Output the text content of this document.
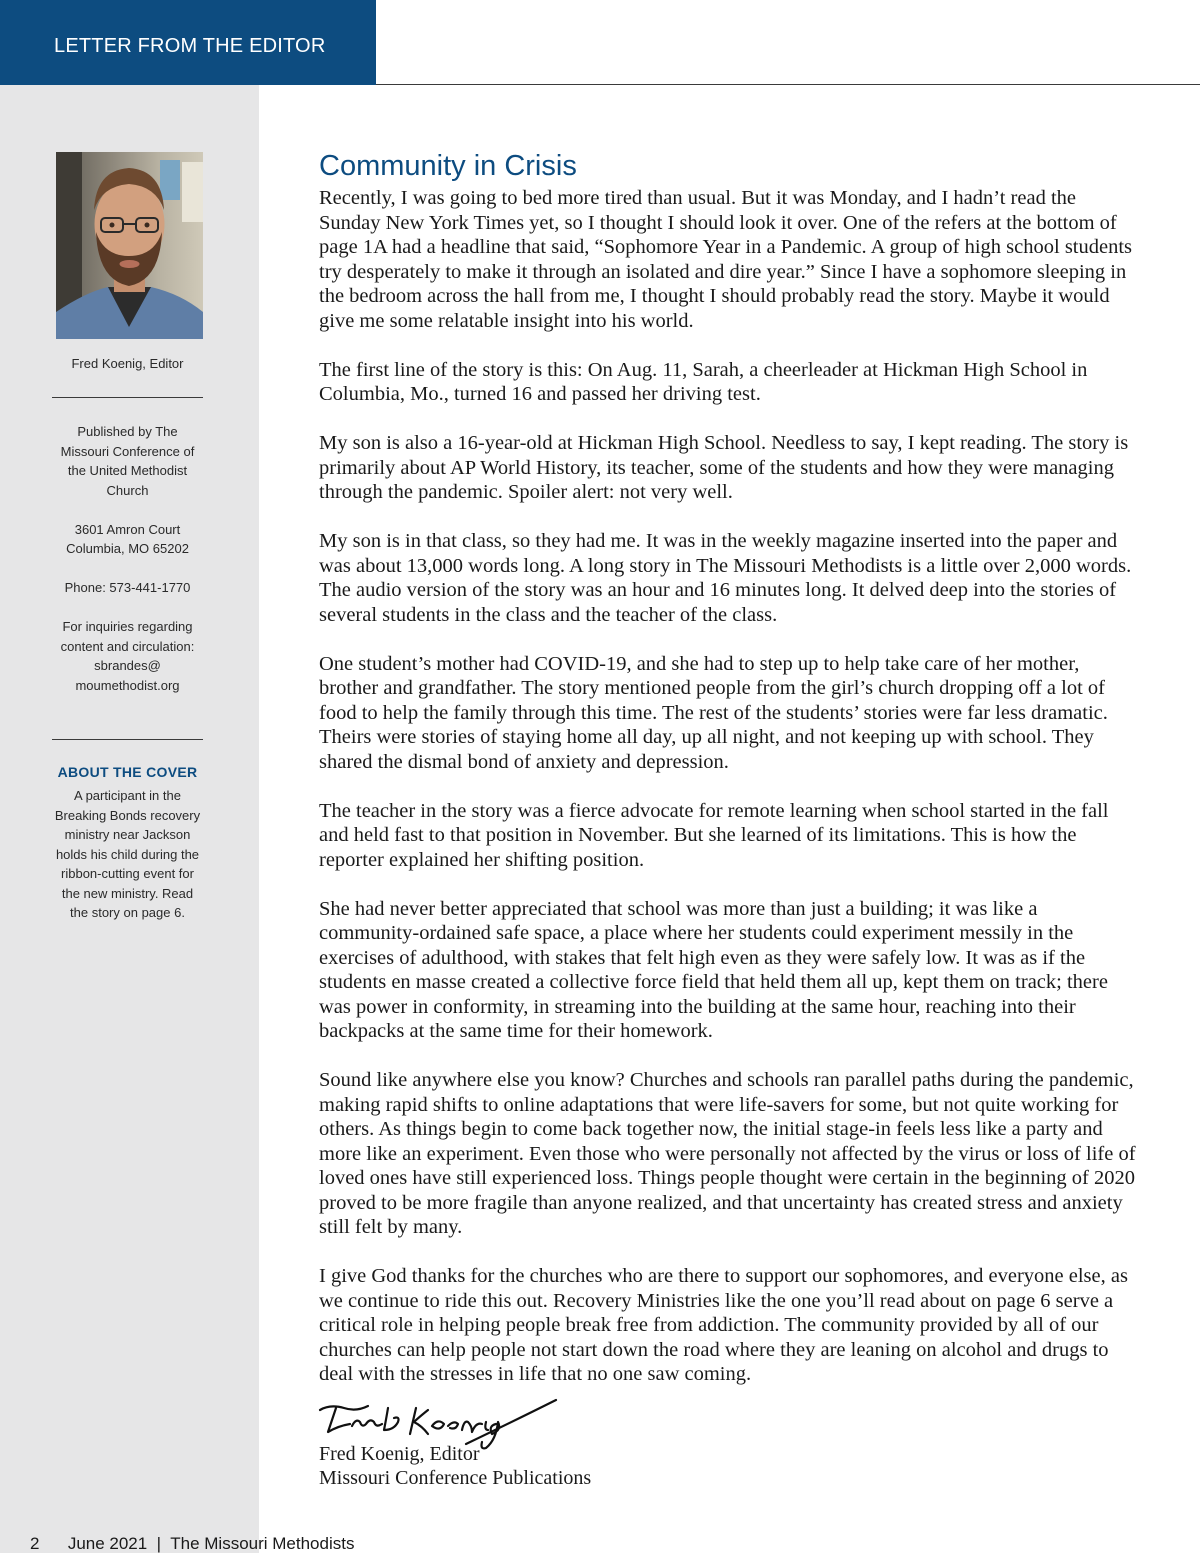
LETTER FROM THE EDITOR

Fred Koenig, Editor

Published by The Missouri Conference of the United Methodist Church

3601 Amron Court

Columbia, MO 65202

Phone: 573-441-1770

For inquiries regarding content and circulation:

sbrandes@ moumethodist.org

ABOUT THE COVER

A participant in the Breaking Bonds recovery ministry near Jackson holds his child during the ribbon-cutting event for the new ministry. Read the story on page 6.

Community in Crisis

Recently, I was going to bed more tired than usual. But it was Monday, and I hadn’t read the Sunday New York Times yet, so I thought I should look it over. One of the refers at the bottom of page 1A had a headline that said, “Sophomore Year in a Pandemic. A group of high school students try desperately to make it through an isolated and dire year.” Since I have a sophomore sleeping in the bedroom across the hall from me, I thought I should probably read the story. Maybe it would give me some relatable insight into his world.

The first line of the story is this: On Aug. 11, Sarah, a cheerleader at Hickman High School in Columbia, Mo., turned 16 and passed her driving test.

My son is also a 16-year-old at Hickman High School. Needless to say, I kept reading. The story is primarily about AP World History, its teacher, some of the students and how they were managing through the pandemic. Spoiler alert: not very well.

My son is in that class, so they had me. It was in the weekly magazine inserted into the paper and was about 13,000 words long. A long story in The Missouri Methodists is a little over 2,000 words. The audio version of the story was an hour and 16 minutes long. It delved deep into the stories of several students in the class and the teacher of the class.

One student’s mother had COVID-19, and she had to step up to help take care of her mother, brother and grandfather. The story mentioned people from the girl’s church dropping off a lot of food to help the family through this time. The rest of the students’ stories were far less dramatic. Theirs were stories of staying home all day, up all night, and not keeping up with school. They shared the dismal bond of anxiety and depression.

The teacher in the story was a fierce advocate for remote learning when school started in the fall and held fast to that position in November. But she learned of its limitations. This is how the reporter explained her shifting position.

She had never better appreciated that school was more than just a building; it was like a community-ordained safe space, a place where her students could experiment messily in the exercises of adulthood, with stakes that felt high even as they were safely low. It was as if the students en masse created a collective force field that held them all up, kept them on track; there was power in conformity, in streaming into the building at the same hour, reaching into their backpacks at the same time for their homework.

Sound like anywhere else you know? Churches and schools ran parallel paths during the pandemic, making rapid shifts to online adaptations that were life-savers for some, but not quite working for others. As things begin to come back together now, the initial stage-in feels less like a party and more like an experiment. Even those who were personally not affected by the virus or loss of life of loved ones have still experienced loss. Things people thought were certain in the beginning of 2020 proved to be more fragile than anyone realized, and that uncertainty has created stress and anxiety still felt by many.

I give God thanks for the churches who are there to support our sophomores, and everyone else, as we continue to ride this out. Recovery Ministries like the one you’ll read about on page 6 serve a critical role in helping people break free from addiction. The community provided by all of our churches can help people not start down the road where they are leaning on alcohol and drugs to deal with the stresses in life that no one saw coming.

Fred Koenig, Editor
Missouri Conference Publications
2 June 2021 | The Missouri Methodists
